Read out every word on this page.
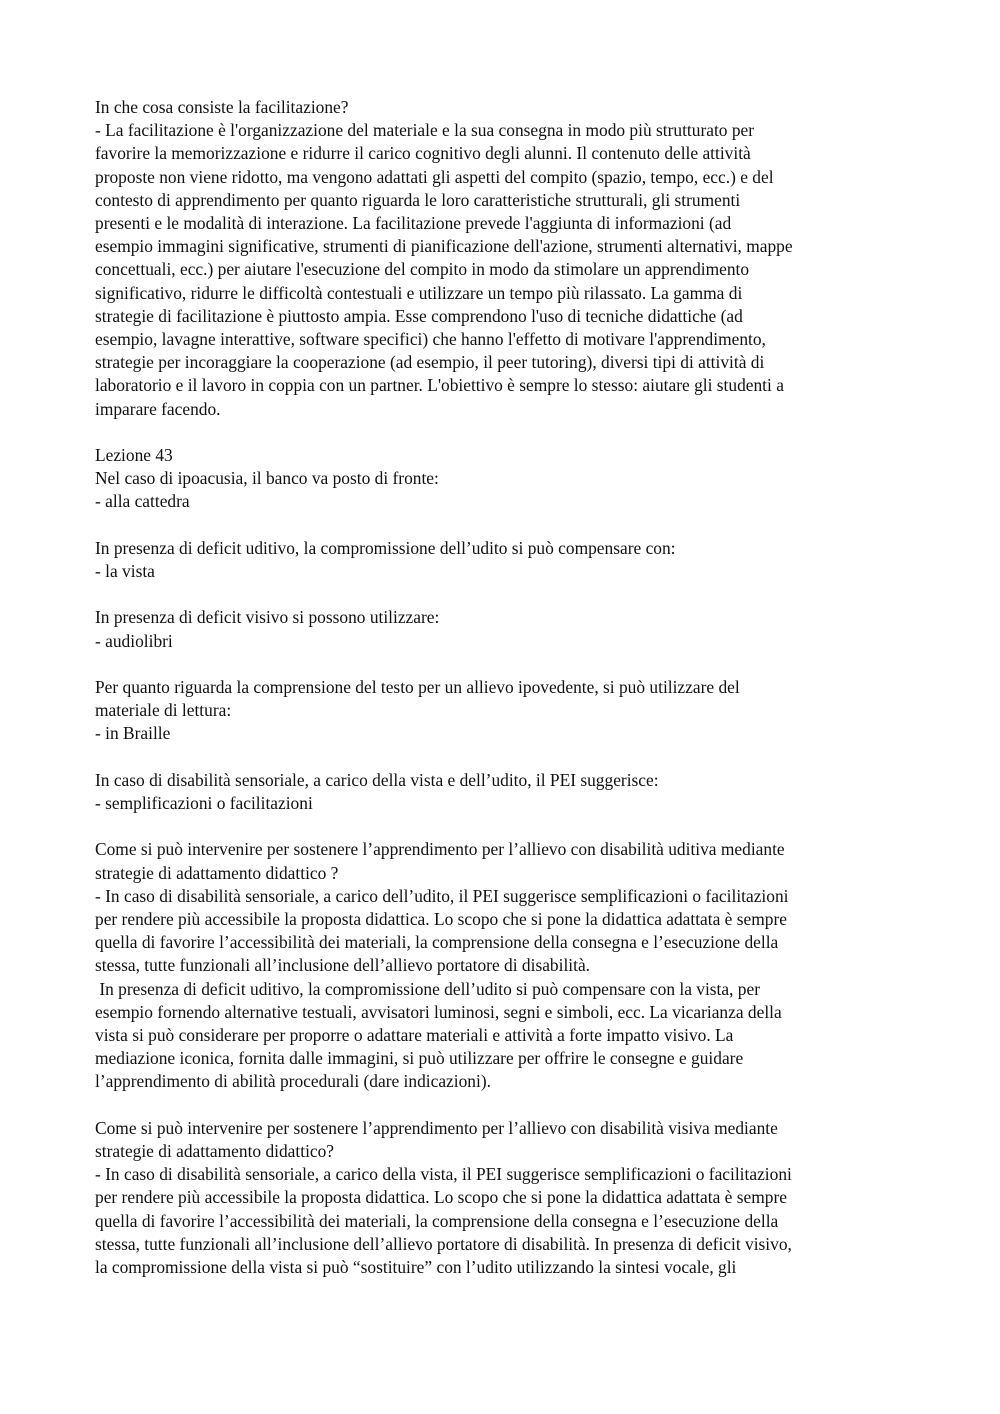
In che cosa consiste la facilitazione?
- La facilitazione è l'organizzazione del materiale e la sua consegna in modo più strutturato per
favorire la memorizzazione e ridurre il carico cognitivo degli alunni. Il contenuto delle attività
proposte non viene ridotto, ma vengono adattati gli aspetti del compito (spazio, tempo, ecc.) e del
contesto di apprendimento per quanto riguarda le loro caratteristiche strutturali, gli strumenti
presenti e le modalità di interazione. La facilitazione prevede l'aggiunta di informazioni (ad
esempio immagini significative, strumenti di pianificazione dell'azione, strumenti alternativi, mappe
concettuali, ecc.) per aiutare l'esecuzione del compito in modo da stimolare un apprendimento
significativo, ridurre le difficoltà contestuali e utilizzare un tempo più rilassato. La gamma di
strategie di facilitazione è piuttosto ampia. Esse comprendono l'uso di tecniche didattiche (ad
esempio, lavagne interattive, software specifici) che hanno l'effetto di motivare l'apprendimento,
strategie per incoraggiare la cooperazione (ad esempio, il peer tutoring), diversi tipi di attività di
laboratorio e il lavoro in coppia con un partner. L'obiettivo è sempre lo stesso: aiutare gli studenti a
imparare facendo.
Lezione 43
Nel caso di ipoacusia, il banco va posto di fronte:
- alla cattedra
In presenza di deficit uditivo, la compromissione dell’udito si può compensare con:
- la vista
In presenza di deficit visivo si possono utilizzare:
- audiolibri
Per quanto riguarda la comprensione del testo per un allievo ipovedente, si può utilizzare del
materiale di lettura:
- in Braille
In caso di disabilità sensoriale, a carico della vista e dell’udito, il PEI suggerisce:
- semplificazioni o facilitazioni
Come si può intervenire per sostenere l’apprendimento per l’allievo con disabilità uditiva mediante
strategie di adattamento didattico ?
- In caso di disabilità sensoriale, a carico dell’udito, il PEI suggerisce semplificazioni o facilitazioni
per rendere più accessibile la proposta didattica. Lo scopo che si pone la didattica adattata è sempre
quella di favorire l’accessibilità dei materiali, la comprensione della consegna e l’esecuzione della
stessa, tutte funzionali all’inclusione dell’allievo portatore di disabilità.
In presenza di deficit uditivo, la compromissione dell’udito si può compensare con la vista, per
esempio fornendo alternative testuali, avvisatori luminosi, segni e simboli, ecc. La vicarianza della
vista si può considerare per proporre o adattare materiali e attività a forte impatto visivo. La
mediazione iconica, fornita dalle immagini, si può utilizzare per offrire le consegne e guidare
l’apprendimento di abilità procedurali (dare indicazioni).
Come si può intervenire per sostenere l’apprendimento per l’allievo con disabilità visiva mediante
strategie di adattamento didattico?
- In caso di disabilità sensoriale, a carico della vista, il PEI suggerisce semplificazioni o facilitazioni
per rendere più accessibile la proposta didattica. Lo scopo che si pone la didattica adattata è sempre
quella di favorire l’accessibilità dei materiali, la comprensione della consegna e l’esecuzione della
stessa, tutte funzionali all’inclusione dell’allievo portatore di disabilità. In presenza di deficit visivo,
la compromissione della vista si può “sostituire” con l’udito utilizzando la sintesi vocale, gli
